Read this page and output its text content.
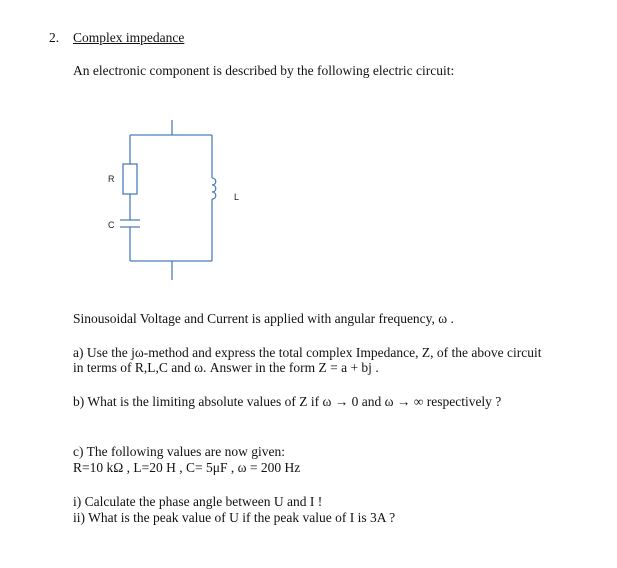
2. Complex impedance
An electronic component is described by the following electric circuit:
R
C
L
Sinousoidal Voltage and Current is applied with angular frequency, ω .
a) Use the jω-method and express the total complex Impedance, Z, of the above circuit
in terms of R,L,C and ω. Answer in the form Z = a + bj .
b) What is the limiting absolute values of Z if ω → 0 and ω → ∞ respectively ?
c) The following values are now given:
R=10 kΩ , L=20 H , C= 5μF , ω = 200 Hz
i) Calculate the phase angle between U and I !
ii) What is the peak value of U if the peak value of I is 3A ?
